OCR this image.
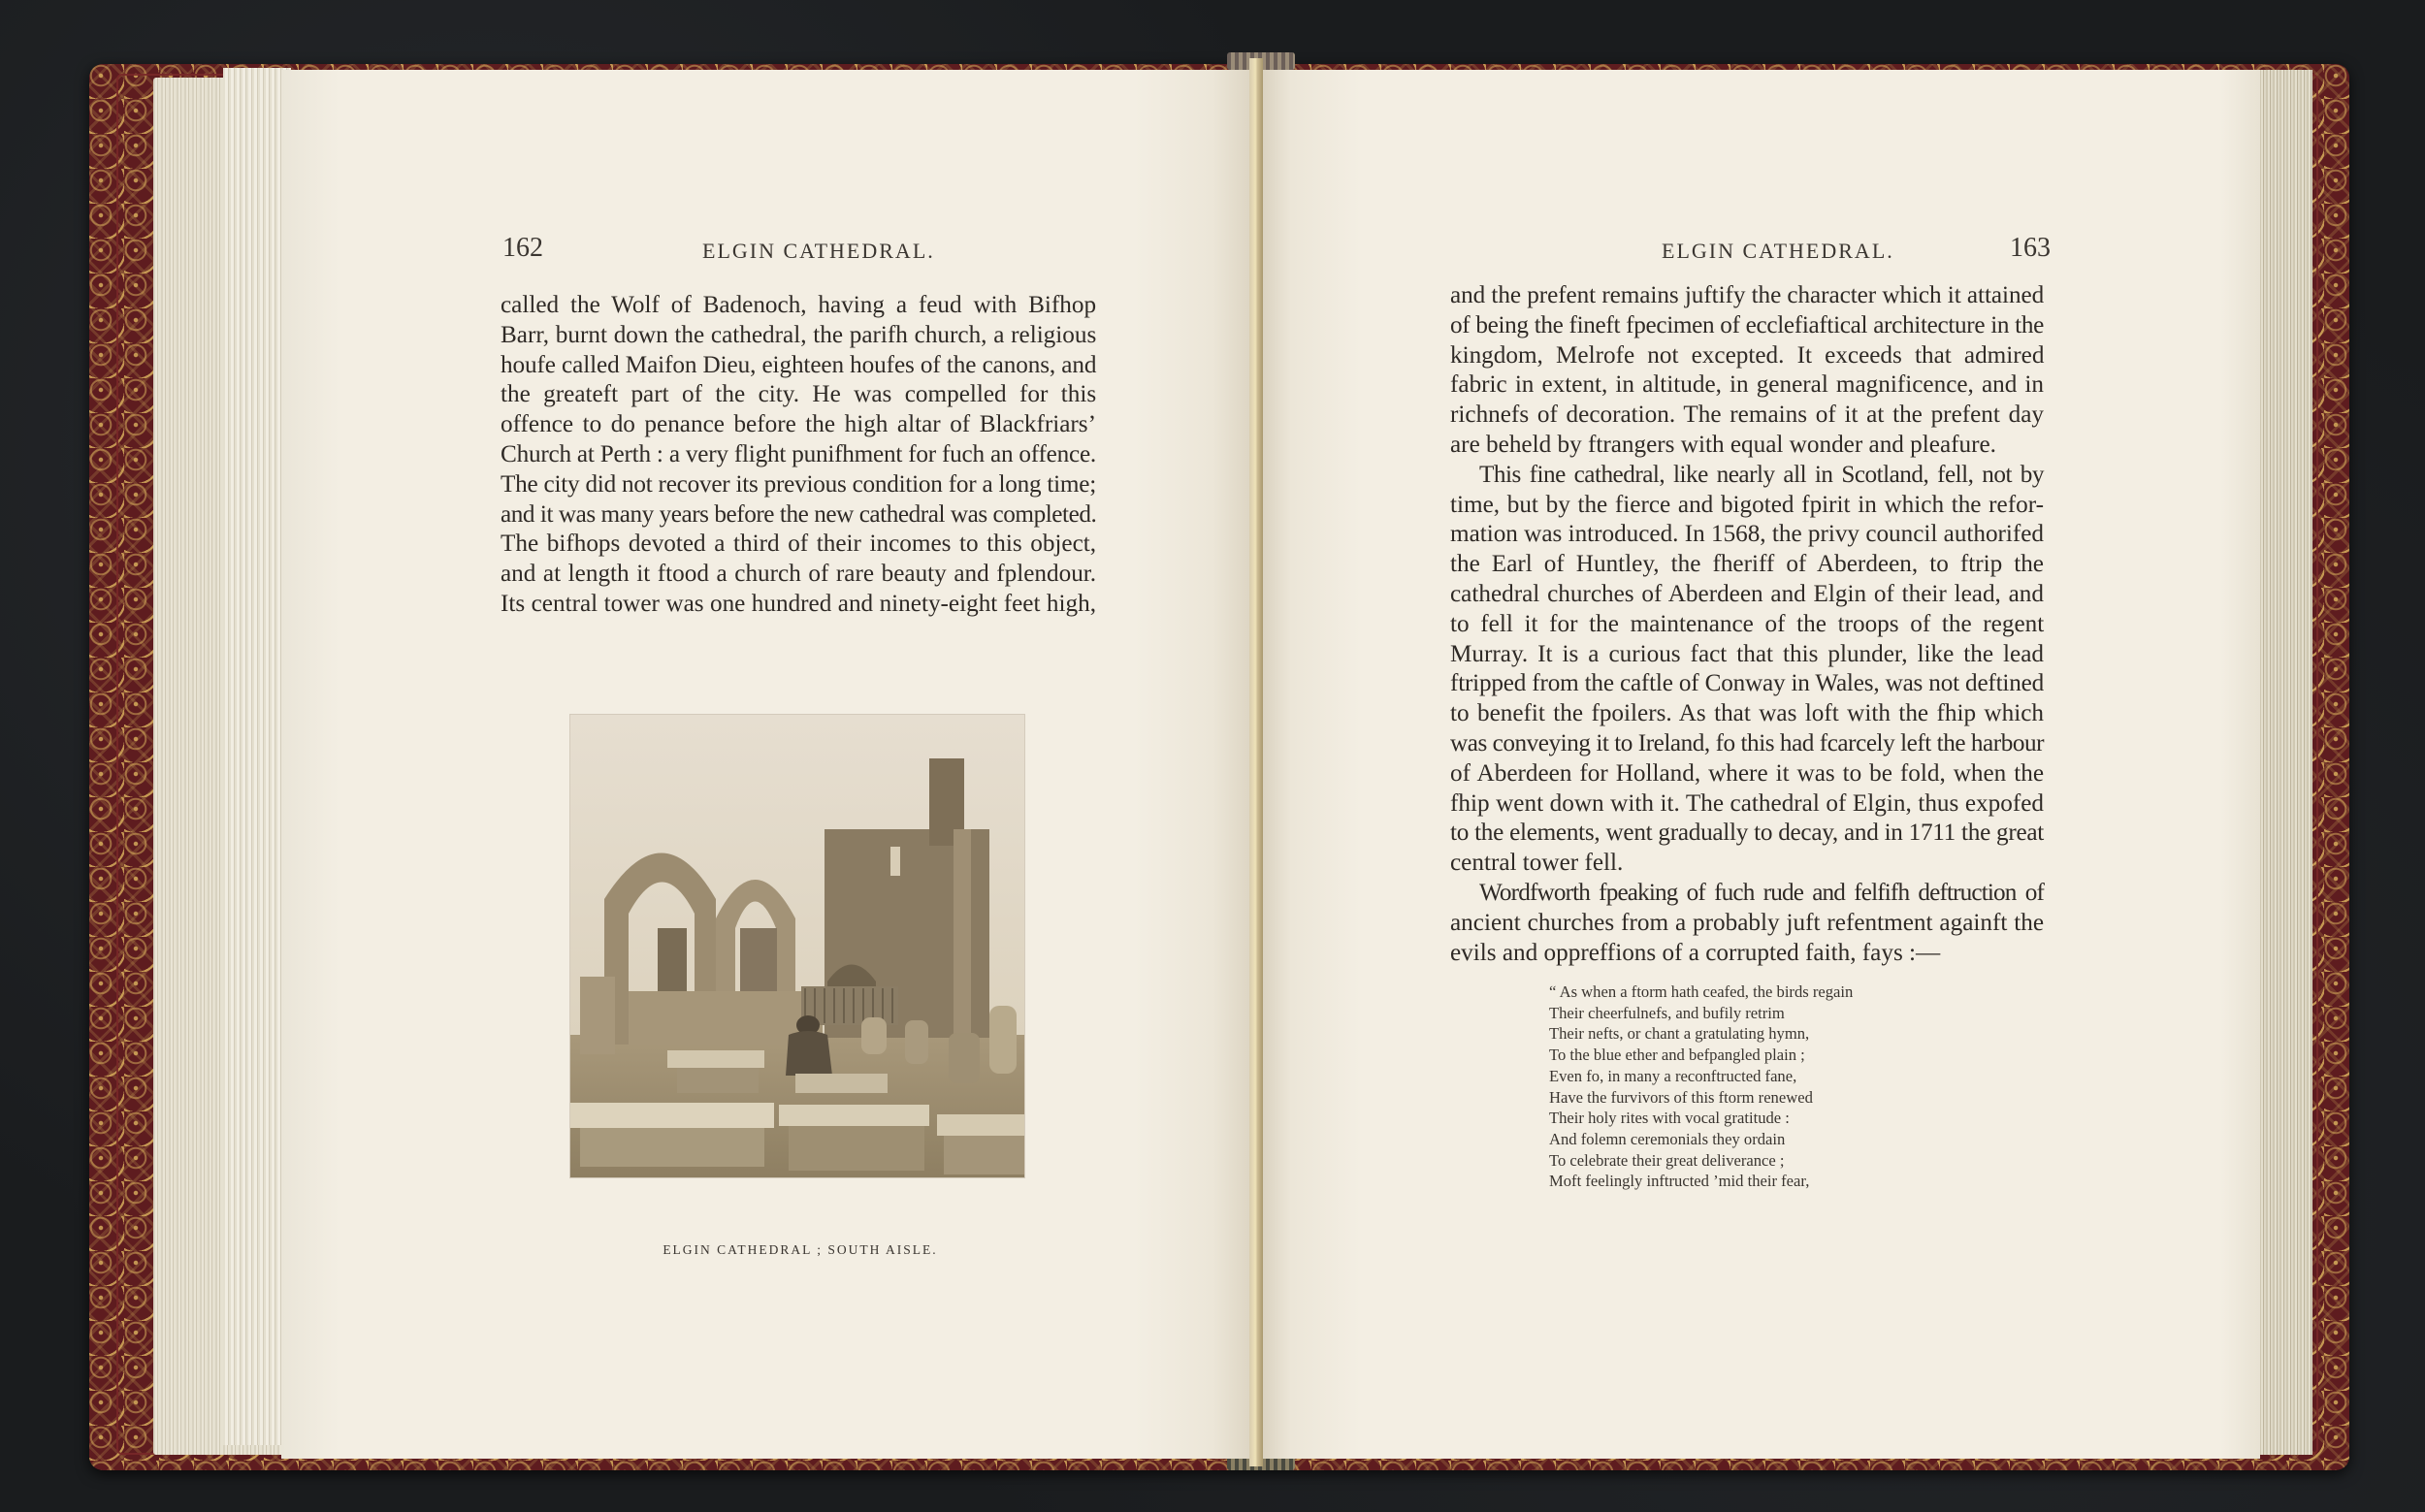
162	ELGIN CATHEDRAL.
called the Wolf of Badenoch, having a feud with Bifhop
Barr, burnt down the cathedral, the parifh church, a religious
houfe called Maifon Dieu, eighteen houfes of the canons, and
the greateft part of the city. He was compelled for this
offence to do penance before the high altar of Blackfriars’
Church at Perth : a very flight punifhment for fuch an offence.
The city did not recover its previous condition for a long time;
and it was many years before the new cathedral was completed.
The bifhops devoted a third of their incomes to this object,
and at length it ftood a church of rare beauty and fplendour.
Its central tower was one hundred and ninety-eight feet high,
ELGIN CATHEDRAL ; SOUTH AISLE.
ELGIN CATHEDRAL.	163
and the prefent remains juftify the character which it attained
of being the fineft fpecimen of ecclefiaftical architecture in the
kingdom, Melrofe not excepted. It exceeds that admired
fabric in extent, in altitude, in general magnificence, and in
richnefs of decoration. The remains of it at the prefent day
are beheld by ftrangers with equal wonder and pleafure.
This fine cathedral, like nearly all in Scotland, fell, not by
time, but by the fierce and bigoted fpirit in which the refor-
mation was introduced. In 1568, the privy council authorifed
the Earl of Huntley, the fheriff of Aberdeen, to ftrip the
cathedral churches of Aberdeen and Elgin of their lead, and
to fell it for the maintenance of the troops of the regent
Murray. It is a curious fact that this plunder, like the lead
ftripped from the caftle of Conway in Wales, was not deftined
to benefit the fpoilers. As that was loft with the fhip which
was conveying it to Ireland, fo this had fcarcely left the harbour
of Aberdeen for Holland, where it was to be fold, when the
fhip went down with it. The cathedral of Elgin, thus expofed
to the elements, went gradually to decay, and in 1711 the great
central tower fell.
Wordfworth fpeaking of fuch rude and felfifh deftruction of
ancient churches from a probably juft refentment againft the
evils and oppreffions of a corrupted faith, fays :—
“ As when a ftorm hath ceafed, the birds regain
Their cheerfulnefs, and bufily retrim
Their nefts, or chant a gratulating hymn,
To the blue ether and befpangled plain ;
Even fo, in many a reconftructed fane,
Have the furvivors of this ftorm renewed
Their holy rites with vocal gratitude :
And folemn ceremonials they ordain
To celebrate their great deliverance ;
Moft feelingly inftructed ’mid their fear,
